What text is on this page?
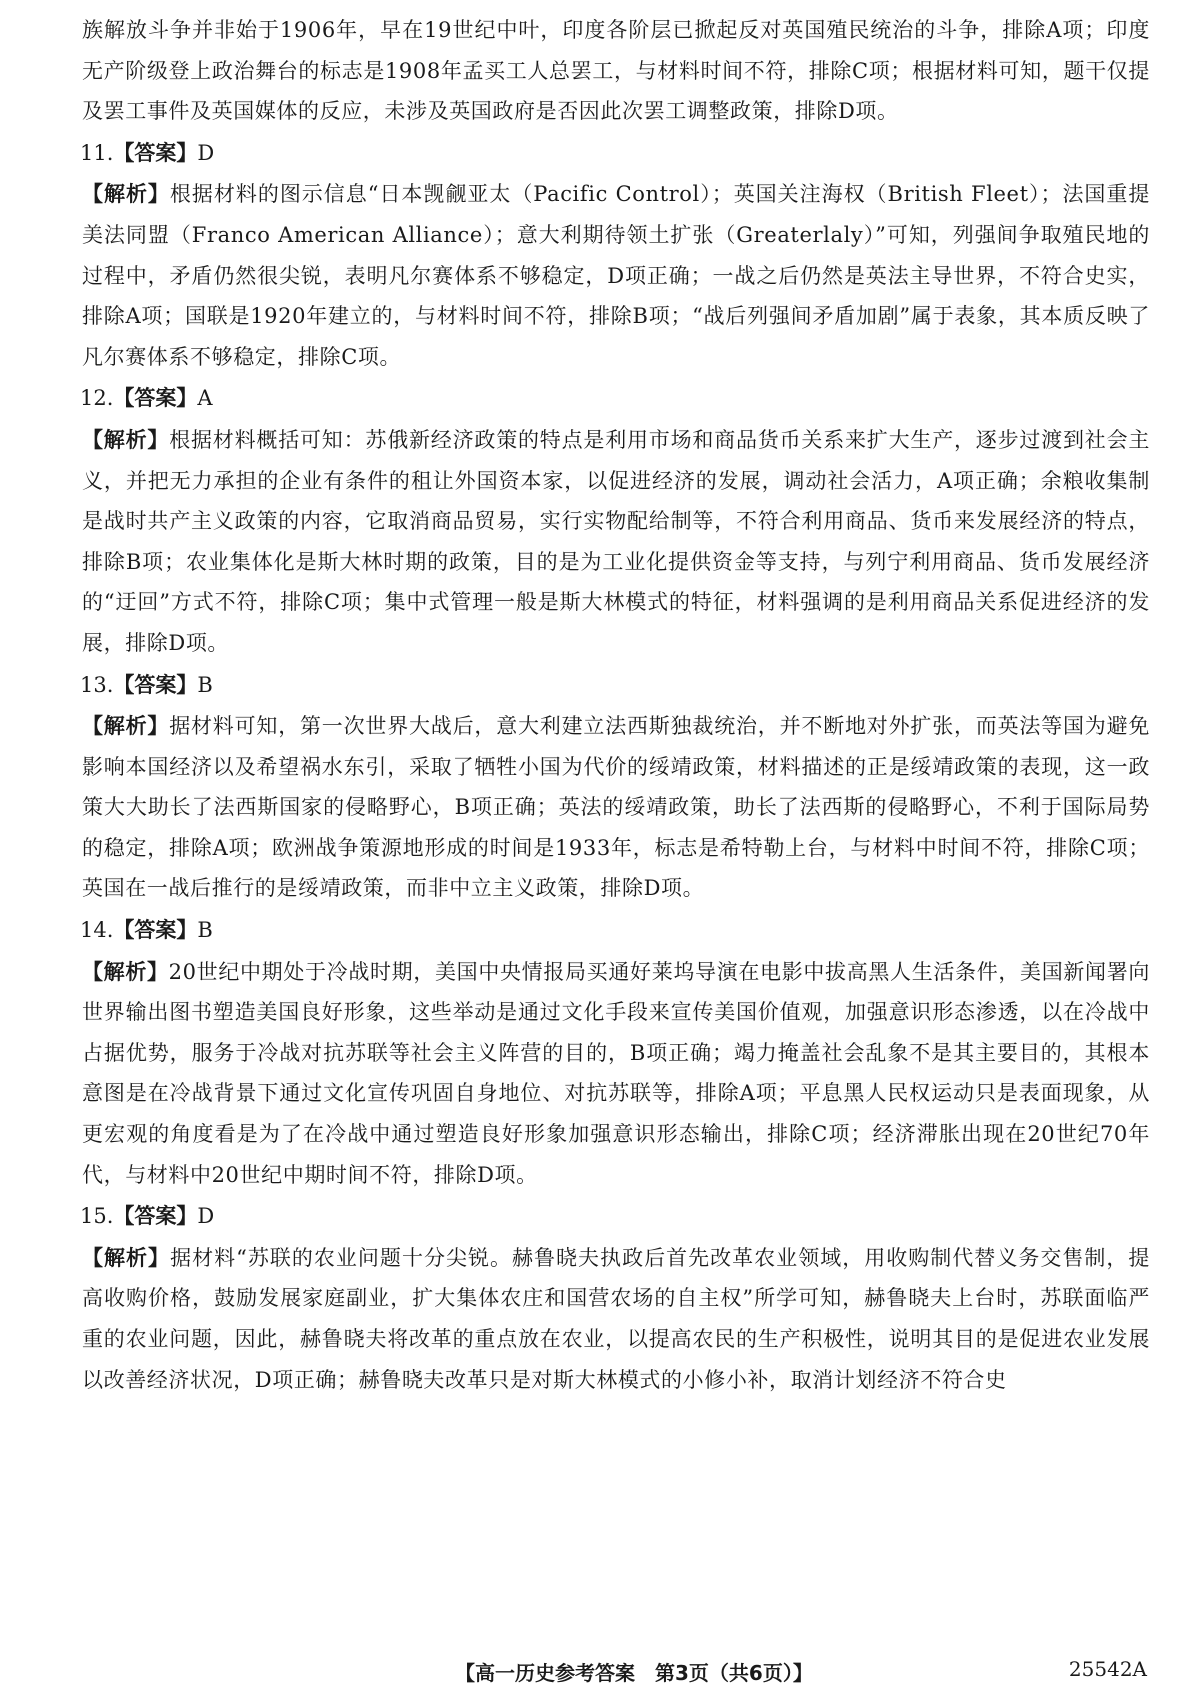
族解放斗争并非始于1906年，早在19世纪中叶，印度各阶层已掀起反对英国殖民统治的斗争，排除A项；印度无产阶级登上政治舞台的标志是1908年孟买工人总罢工，与材料时间不符，排除C项；根据材料可知，题干仅提及罢工事件及英国媒体的反应，未涉及英国政府是否因此次罢工调整政策，排除D项。

11.【答案】D

【解析】根据材料的图示信息“日本觊觎亚太（Pacific Control）；英国关注海权（British Fleet）；法国重提美法同盟（Franco American Alliance）；意大利期待领土扩张（Greaterlaly）”可知，列强间争取殖民地的过程中，矛盾仍然很尖锐，表明凡尔赛体系不够稳定，D项正确；一战之后仍然是英法主导世界，不符合史实，排除A项；国联是1920年建立的，与材料时间不符，排除B项；“战后列强间矛盾加剧”属于表象，其本质反映了凡尔赛体系不够稳定，排除C项。

12.【答案】A

【解析】根据材料概括可知：苏俄新经济政策的特点是利用市场和商品货币关系来扩大生产，逐步过渡到社会主义，并把无力承担的企业有条件的租让外国资本家，以促进经济的发展，调动社会活力，A项正确；余粮收集制是战时共产主义政策的内容，它取消商品贸易，实行实物配给制等，不符合利用商品、货币来发展经济的特点，排除B项；农业集体化是斯大林时期的政策，目的是为工业化提供资金等支持，与列宁利用商品、货币发展经济的“迂回”方式不符，排除C项；集中式管理一般是斯大林模式的特征，材料强调的是利用商品关系促进经济的发展，排除D项。

13.【答案】B

【解析】据材料可知，第一次世界大战后，意大利建立法西斯独裁统治，并不断地对外扩张，而英法等国为避免影响本国经济以及希望祸水东引，采取了牺牲小国为代价的绥靖政策，材料描述的正是绥靖政策的表现，这一政策大大助长了法西斯国家的侵略野心，B项正确；英法的绥靖政策，助长了法西斯的侵略野心，不利于国际局势的稳定，排除A项；欧洲战争策源地形成的时间是1933年，标志是希特勒上台，与材料中时间不符，排除C项；英国在一战后推行的是绥靖政策，而非中立主义政策，排除D项。

14.【答案】B

【解析】20世纪中期处于冷战时期，美国中央情报局买通好莱坞导演在电影中拔高黑人生活条件，美国新闻署向世界输出图书塑造美国良好形象，这些举动是通过文化手段来宣传美国价值观，加强意识形态渗透，以在冷战中占据优势，服务于冷战对抗苏联等社会主义阵营的目的，B项正确；竭力掩盖社会乱象不是其主要目的，其根本意图是在冷战背景下通过文化宣传巩固自身地位、对抗苏联等，排除A项；平息黑人民权运动只是表面现象，从更宏观的角度看是为了在冷战中通过塑造良好形象加强意识形态输出，排除C项；经济滞胀出现在20世纪70年代，与材料中20世纪中期时间不符，排除D项。

15.【答案】D

【解析】据材料“苏联的农业问题十分尖锐。赫鲁晓夫执政后首先改革农业领域，用收购制代替义务交售制，提高收购价格，鼓励发展家庭副业，扩大集体农庄和国营农场的自主权”所学可知，赫鲁晓夫上台时，苏联面临严重的农业问题，因此，赫鲁晓夫将改革的重点放在农业，以提高农民的生产积极性，说明其目的是促进农业发展以改善经济状况，D项正确；赫鲁晓夫改革只是对斯大林模式的小修小补，取消计划经济不符合史

【高一历史参考答案　第3页（共6页）】	25542A
